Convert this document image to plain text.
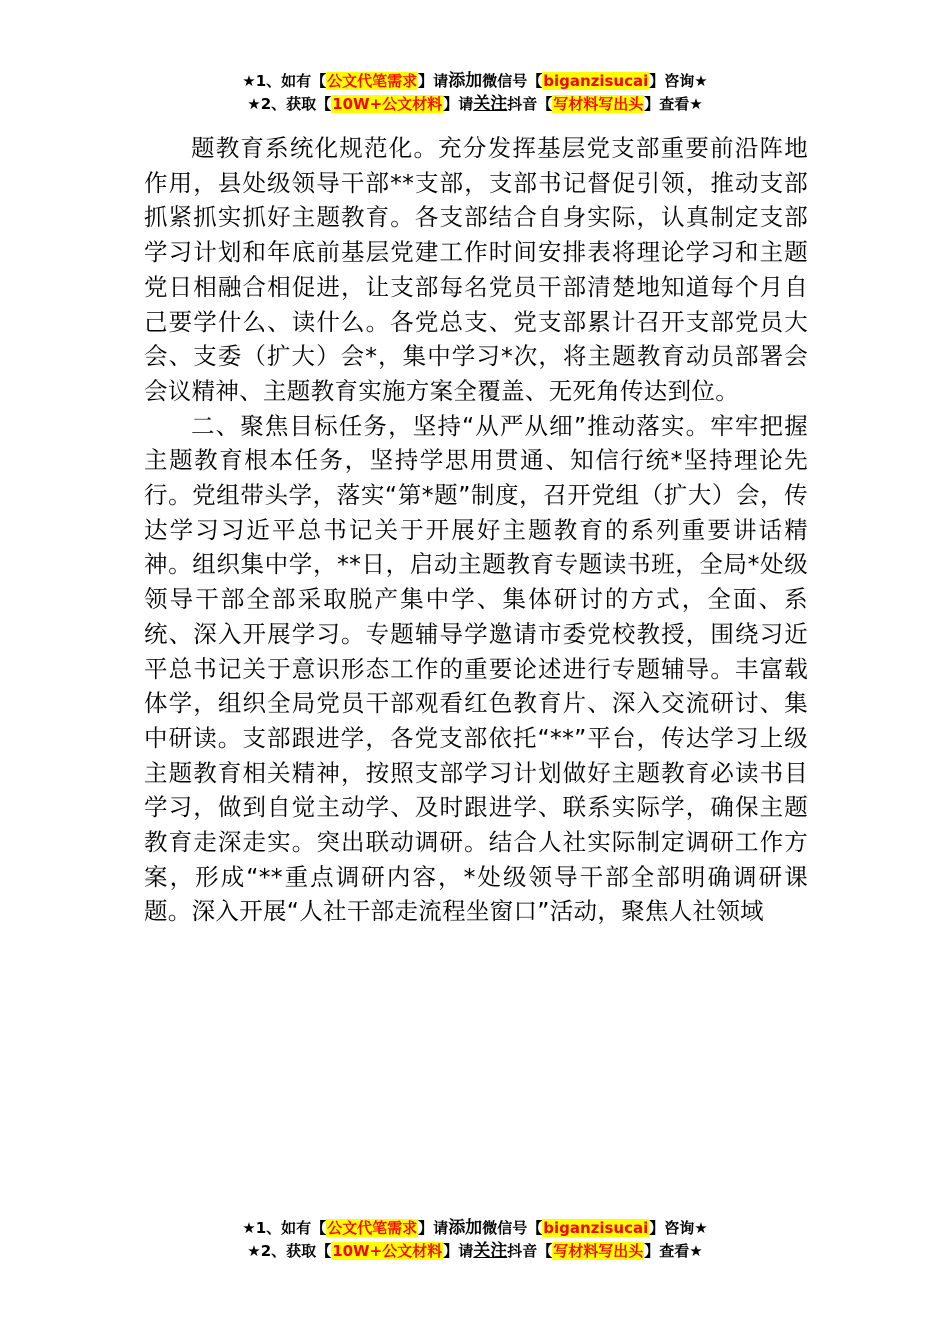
★1、如有【公文代笔需求】请添加微信号【biganzisucai】咨询★
★2、获取【10W+公文材料】请关注抖音【写材料写出头】查看★

题教育系统化规范化。充分发挥基层党支部重要前沿阵地作用，县处级领导干部**支部，支部书记督促引领，推动支部抓紧抓实抓好主题教育。各支部结合自身实际，认真制定支部学习计划和年底前基层党建工作时间安排表将理论学习和主题党日相融合相促进，让支部每名党员干部清楚地知道每个月自己要学什么、读什么。各党总支、党支部累计召开支部党员大会、支委（扩大）会*，集中学习*次，将主题教育动员部署会会议精神、主题教育实施方案全覆盖、无死角传达到位。

二、聚焦目标任务，坚持“从严从细”推动落实。牢牢把握主题教育根本任务，坚持学思用贯通、知信行统*坚持理论先行。党组带头学，落实“第*题”制度，召开党组（扩大）会，传达学习习近平总书记关于开展好主题教育的系列重要讲话精神。组织集中学，**日，启动主题教育专题读书班，全局*处级领导干部全部采取脱产集中学、集体研讨的方式，全面、系统、深入开展学习。专题辅导学邀请市委党校教授，围绕习近平总书记关于意识形态工作的重要论述进行专题辅导。丰富载体学，组织全局党员干部观看红色教育片、深入交流研讨、集中研读。支部跟进学，各党支部依托“**”平台，传达学习上级主题教育相关精神，按照支部学习计划做好主题教育必读书目学习，做到自觉主动学、及时跟进学、联系实际学，确保主题教育走深走实。突出联动调研。结合人社实际制定调研工作方案，形成“**重点调研内容，*处级领导干部全部明确调研课题。深入开展“人社干部走流程坐窗口”活动，聚焦人社领域

★1、如有【公文代笔需求】请添加微信号【biganzisucai】咨询★
★2、获取【10W+公文材料】请关注抖音【写材料写出头】查看★
